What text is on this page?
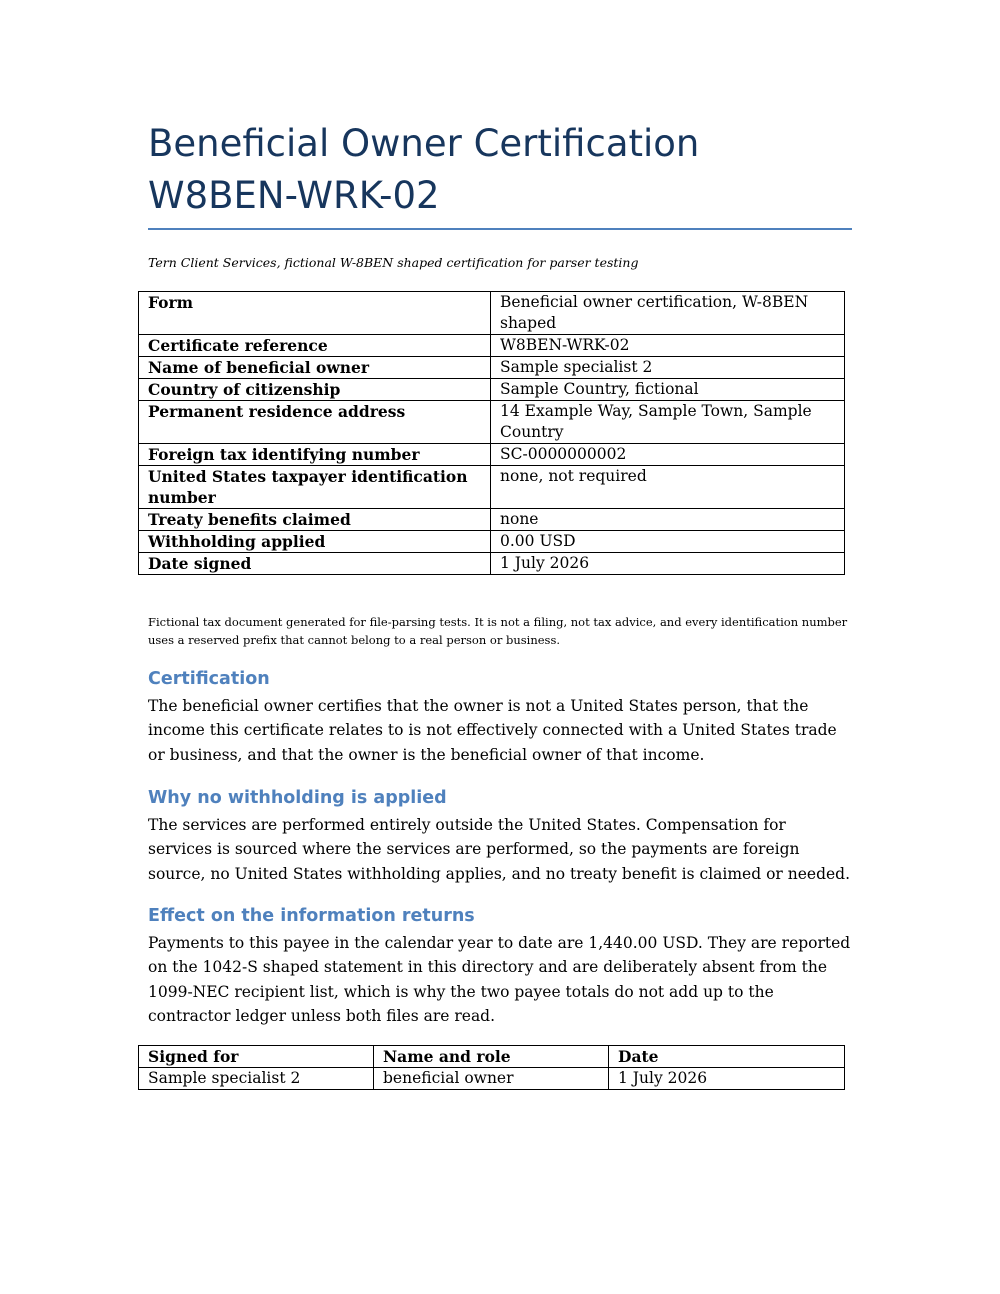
Beneficial Owner Certification W8BEN-WRK-02
Tern Client Services, fictional W-8BEN shaped certification for parser testing
Form	Beneficial owner certification, W-8BEN shaped
Certificate reference	W8BEN-WRK-02
Name of beneficial owner	Sample specialist 2
Country of citizenship	Sample Country, fictional
Permanent residence address	14 Example Way, Sample Town, Sample Country
Foreign tax identifying number	SC-0000000002
United States taxpayer identification number	none, not required
Treaty benefits claimed	none
Withholding applied	0.00 USD
Date signed	1 July 2026
Fictional tax document generated for file-parsing tests. It is not a filing, not tax advice, and every identification number uses a reserved prefix that cannot belong to a real person or business.
Certification

The beneficial owner certifies that the owner is not a United States person, that the income this certificate relates to is not effectively connected with a United States trade or business, and that the owner is the beneficial owner of that income.

Why no withholding is applied

The services are performed entirely outside the United States. Compensation for services is sourced where the services are performed, so the payments are foreign source, no United States withholding applies, and no treaty benefit is claimed or needed.

Effect on the information returns

Payments to this payee in the calendar year to date are 1,440.00 USD. They are reported on the 1042-S shaped statement in this directory and are deliberately absent from the 1099-NEC recipient list, which is why the two payee totals do not add up to the contractor ledger unless both files are read.

Signed for	Name and role	Date
Sample specialist 2	beneficial owner	1 July 2026
